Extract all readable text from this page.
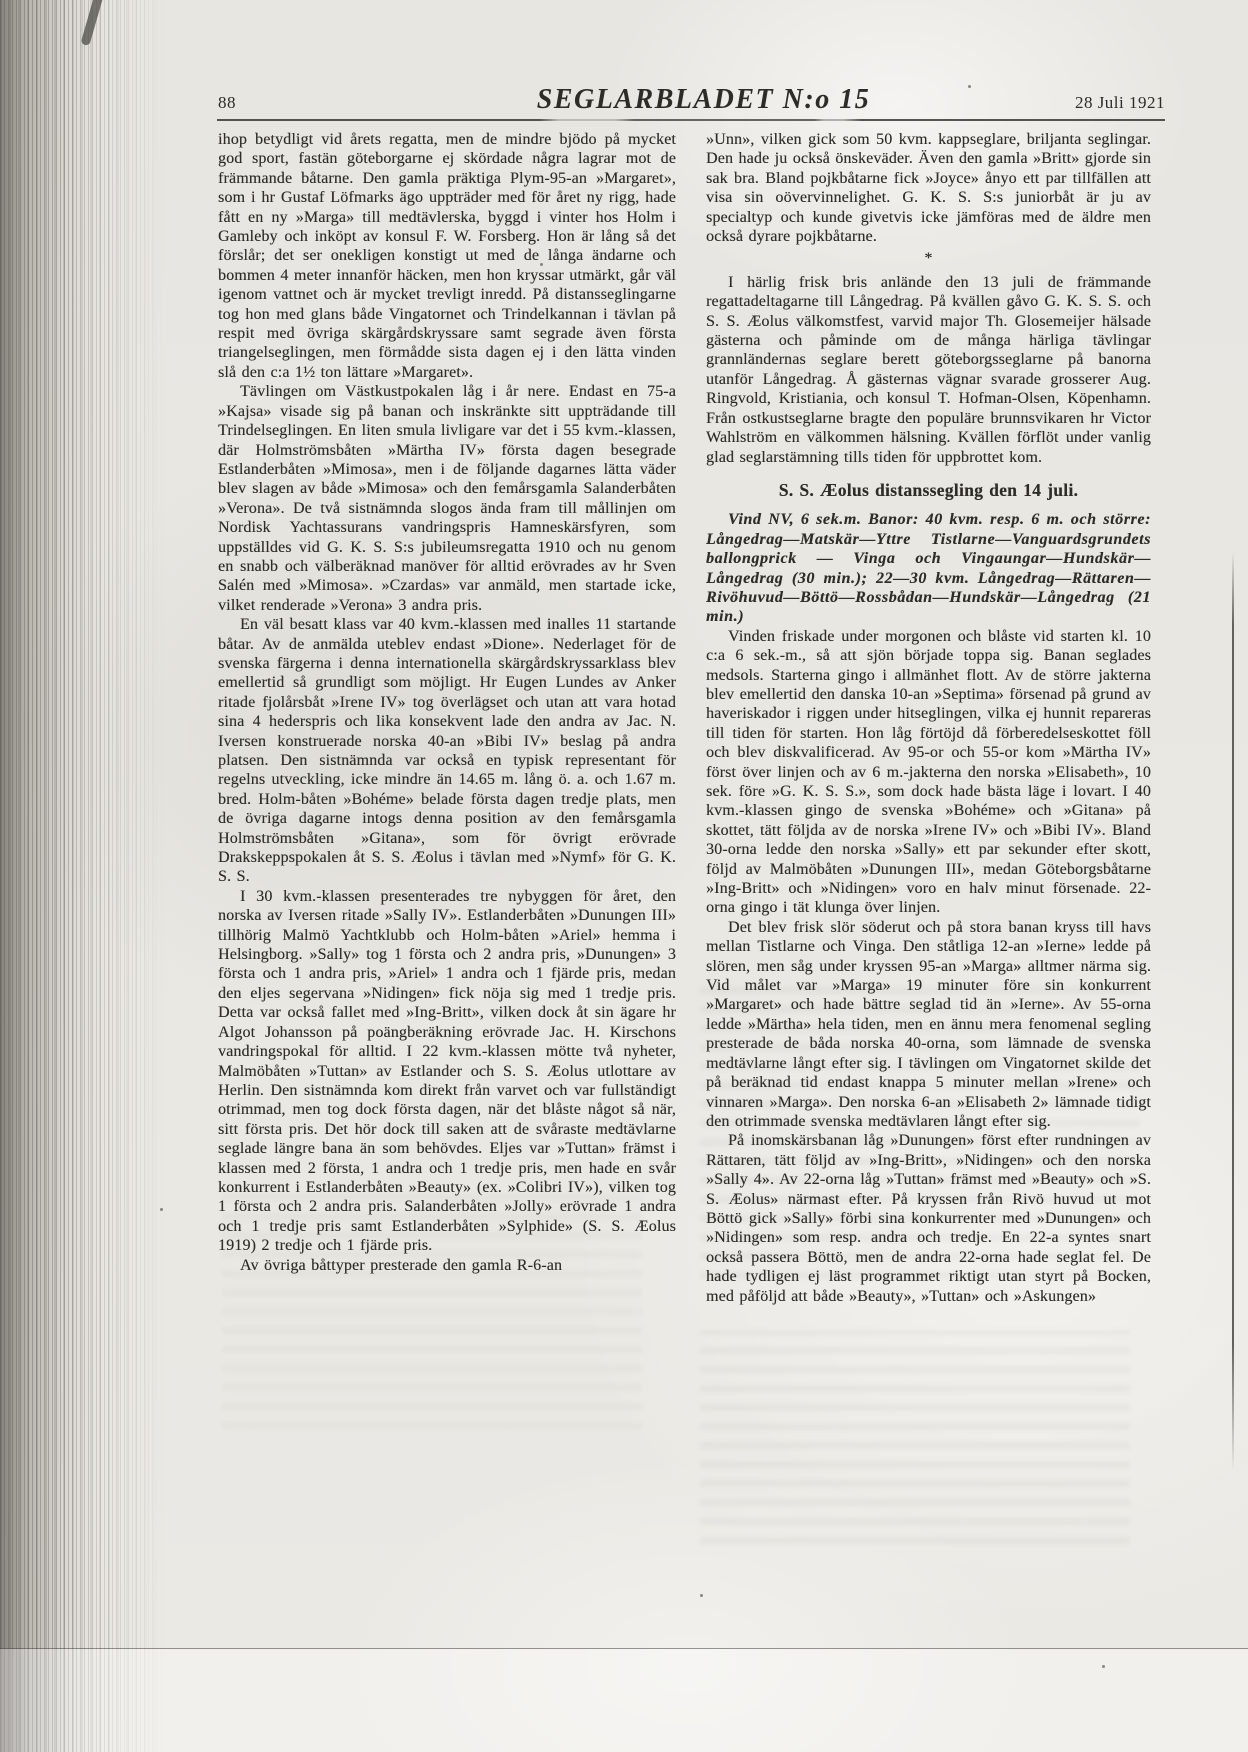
88	SEGLARBLADET N:o 15	28 Juli 1921

ihop betydligt vid årets regatta, men de mindre bjödo på mycket god sport, fastän göteborgarne ej skördade några lagrar mot de främmande båtarne. Den gamla präktiga Plym-95-an »Margaret», som i hr Gustaf Löfmarks ägo uppträder med för året ny rigg, hade fått en ny »Marga» till medtävlerska, byggd i vinter hos Holm i Gamleby och inköpt av konsul F. W. Forsberg. Hon är lång så det förslår; det ser onekligen konstigt ut med de långa ändarne och bommen 4 meter innanför häcken, men hon kryssar utmärkt, går väl igenom vattnet och är mycket trevligt inredd. På distansseglingarne tog hon med glans både Vingatornet och Trindelkannan i tävlan på respit med övriga skärgårdskryssare samt segrade även första triangelseglingen, men förmådde sista dagen ej i den lätta vinden slå den c:a 1½ ton lättare »Margaret».

Tävlingen om Västkustpokalen låg i år nere. Endast en 75-a »Kajsa» visade sig på banan och inskränkte sitt uppträdande till Trindelseglingen. En liten smula livligare var det i 55 kvm.-klassen, där Holmströmsbåten »Märtha IV» första dagen besegrade Estlanderbåten »Mimosa», men i de följande dagarnes lätta väder blev slagen av både »Mimosa» och den femårsgamla Salanderbåten »Verona». De två sistnämnda slogos ända fram till mållinjen om Nordisk Yachtassurans vandringspris Hamneskärsfyren, som uppställdes vid G. K. S. S:s jubileumsregatta 1910 och nu genom en snabb och välberäknad manöver för alltid erövrades av hr Sven Salén med »Mimosa». »Czardas» var anmäld, men startade icke, vilket renderade »Verona» 3 andra pris.

En väl besatt klass var 40 kvm.-klassen med inalles 11 startande båtar. Av de anmälda uteblev endast »Dione». Nederlaget för de svenska färgerna i denna internationella skärgårdskryssarklass blev emellertid så grundligt som möjligt. Hr Eugen Lundes av Anker ritade fjolårsbåt »Irene IV» tog överlägset och utan att vara hotad sina 4 hederspris och lika konsekvent lade den andra av Jac. N. Iversen konstruerade norska 40-an »Bibi IV» beslag på andra platsen. Den sistnämnda var också en typisk representant för regelns utveckling, icke mindre än 14.65 m. lång ö. a. och 1.67 m. bred. Holm-båten »Bohéme» belade första dagen tredje plats, men de övriga dagarne intogs denna position av den femårsgamla Holmströmsbåten »Gitana», som för övrigt erövrade Drakskeppspokalen åt S. S. Æolus i tävlan med »Nymf» för G. K. S. S.

I 30 kvm.-klassen presenterades tre nybyggen för året, den norska av Iversen ritade »Sally IV». Estlanderbåten »Dunungen III» tillhörig Malmö Yachtklubb och Holm-båten »Ariel» hemma i Helsingborg. »Sally» tog 1 första och 2 andra pris, »Dunungen» 3 första och 1 andra pris, »Ariel» 1 andra och 1 fjärde pris, medan den eljes segervana »Nidingen» fick nöja sig med 1 tredje pris. Detta var också fallet med »Ing-Britt», vilken dock åt sin ägare hr Algot Johansson på poängberäkning erövrade Jac. H. Kirschons vandringspokal för alltid. I 22 kvm.-klassen mötte två nyheter, Malmöbåten »Tuttan» av Estlander och S. S. Æolus utlottare av Herlin. Den sistnämnda kom direkt från varvet och var fullständigt otrimmad, men tog dock första dagen, när det blåste något så när, sitt första pris. Det hör dock till saken att de svåraste medtävlarne seglade längre bana än som behövdes. Eljes var »Tuttan» främst i klassen med 2 första, 1 andra och 1 tredje pris, men hade en svår konkurrent i Estlanderbåten »Beauty» (ex. »Colibri IV»), vilken tog 1 första och 2 andra pris. Salanderbåten »Jolly» erövrade 1 andra och 1 tredje pris samt Estlanderbåten »Sylphide» (S. S. Æolus 1919) 2 tredje och 1 fjärde pris.

Av övriga båttyper presterade den gamla R-6-an

»Unn», vilken gick som 50 kvm. kappseglare, briljanta seglingar. Den hade ju också önskeväder. Även den gamla »Britt» gjorde sin sak bra. Bland pojkbåtarne fick »Joyce» ånyo ett par tillfällen att visa sin oövervinnelighet. G. K. S. S:s juniorbåt är ju av specialtyp och kunde givetvis icke jämföras med de äldre men också dyrare pojkbåtarne.

*

I härlig frisk bris anlände den 13 juli de främmande regattadeltagarne till Långedrag. På kvällen gåvo G. K. S. S. och S. S. Æolus välkomstfest, varvid major Th. Glosemeijer hälsade gästerna och påminde om de många härliga tävlingar grannländernas seglare berett göteborgsseglarne på banorna utanför Långedrag. Å gästernas vägnar svarade grosserer Aug. Ringvold, Kristiania, och konsul T. Hofman-Olsen, Köpenhamn. Från ostkustseglarne bragte den populäre brunnsvikaren hr Victor Wahlström en välkommen hälsning. Kvällen förflöt under vanlig glad seglarstämning tills tiden för uppbrottet kom.

S. S. Æolus distanssegling den 14 juli.

Vind NV, 6 sek.m. Banor: 40 kvm. resp. 6 m. och större: Långedrag—Matskär—Yttre Tistlarne—Vanguardsgrundets ballongprick — Vinga och Vingaungar—Hundskär—Långedrag (30 min.); 22—30 kvm. Långedrag—Rättaren—Rivöhuvud—Böttö—Rossbådan—Hundskär—Långedrag (21 min.)

Vinden friskade under morgonen och blåste vid starten kl. 10 c:a 6 sek.-m., så att sjön började toppa sig. Banan seglades medsols. Starterna gingo i allmänhet flott. Av de större jakterna blev emellertid den danska 10-an »Septima» försenad på grund av haveriskador i riggen under hitseglingen, vilka ej hunnit repareras till tiden för starten. Hon låg förtöjd då förberedelseskottet föll och blev diskvalificerad. Av 95-or och 55-or kom »Märtha IV» först över linjen och av 6 m.-jakterna den norska »Elisabeth», 10 sek. före »G. K. S. S.», som dock hade bästa läge i lovart. I 40 kvm.-klassen gingo de svenska »Bohéme» och »Gitana» på skottet, tätt följda av de norska »Irene IV» och »Bibi IV». Bland 30-orna ledde den norska »Sally» ett par sekunder efter skott, följd av Malmöbåten »Dunungen III», medan Göteborgsbåtarne »Ing-Britt» och »Nidingen» voro en halv minut försenade. 22-orna gingo i tät klunga över linjen.

Det blev frisk slör söderut och på stora banan kryss till havs mellan Tistlarne och Vinga. Den ståtliga 12-an »Ierne» ledde på slören, men såg under kryssen 95-an »Marga» alltmer närma sig. Vid målet var »Marga» 19 minuter före sin konkurrent »Margaret» och hade bättre seglad tid än »Ierne». Av 55-orna ledde »Märtha» hela tiden, men en ännu mera fenomenal segling presterade de båda norska 40-orna, som lämnade de svenska medtävlarne långt efter sig. I tävlingen om Vingatornet skilde det på beräknad tid endast knappa 5 minuter mellan »Irene» och vinnaren »Marga». Den norska 6-an »Elisabeth 2» lämnade tidigt den otrimmade svenska medtävlaren långt efter sig.

På inomskärsbanan låg »Dunungen» först efter rundningen av Rättaren, tätt följd av »Ing-Britt», »Nidingen» och den norska »Sally 4». Av 22-orna låg »Tuttan» främst med »Beauty» och »S. S. Æolus» närmast efter. På kryssen från Rivö huvud ut mot Böttö gick »Sally» förbi sina konkurrenter med »Dunungen» och »Nidingen» som resp. andra och tredje. En 22-a syntes snart också passera Böttö, men de andra 22-orna hade seglat fel. De hade tydligen ej läst programmet riktigt utan styrt på Bocken, med påföljd att både »Beauty», »Tuttan» och »Askungen»
